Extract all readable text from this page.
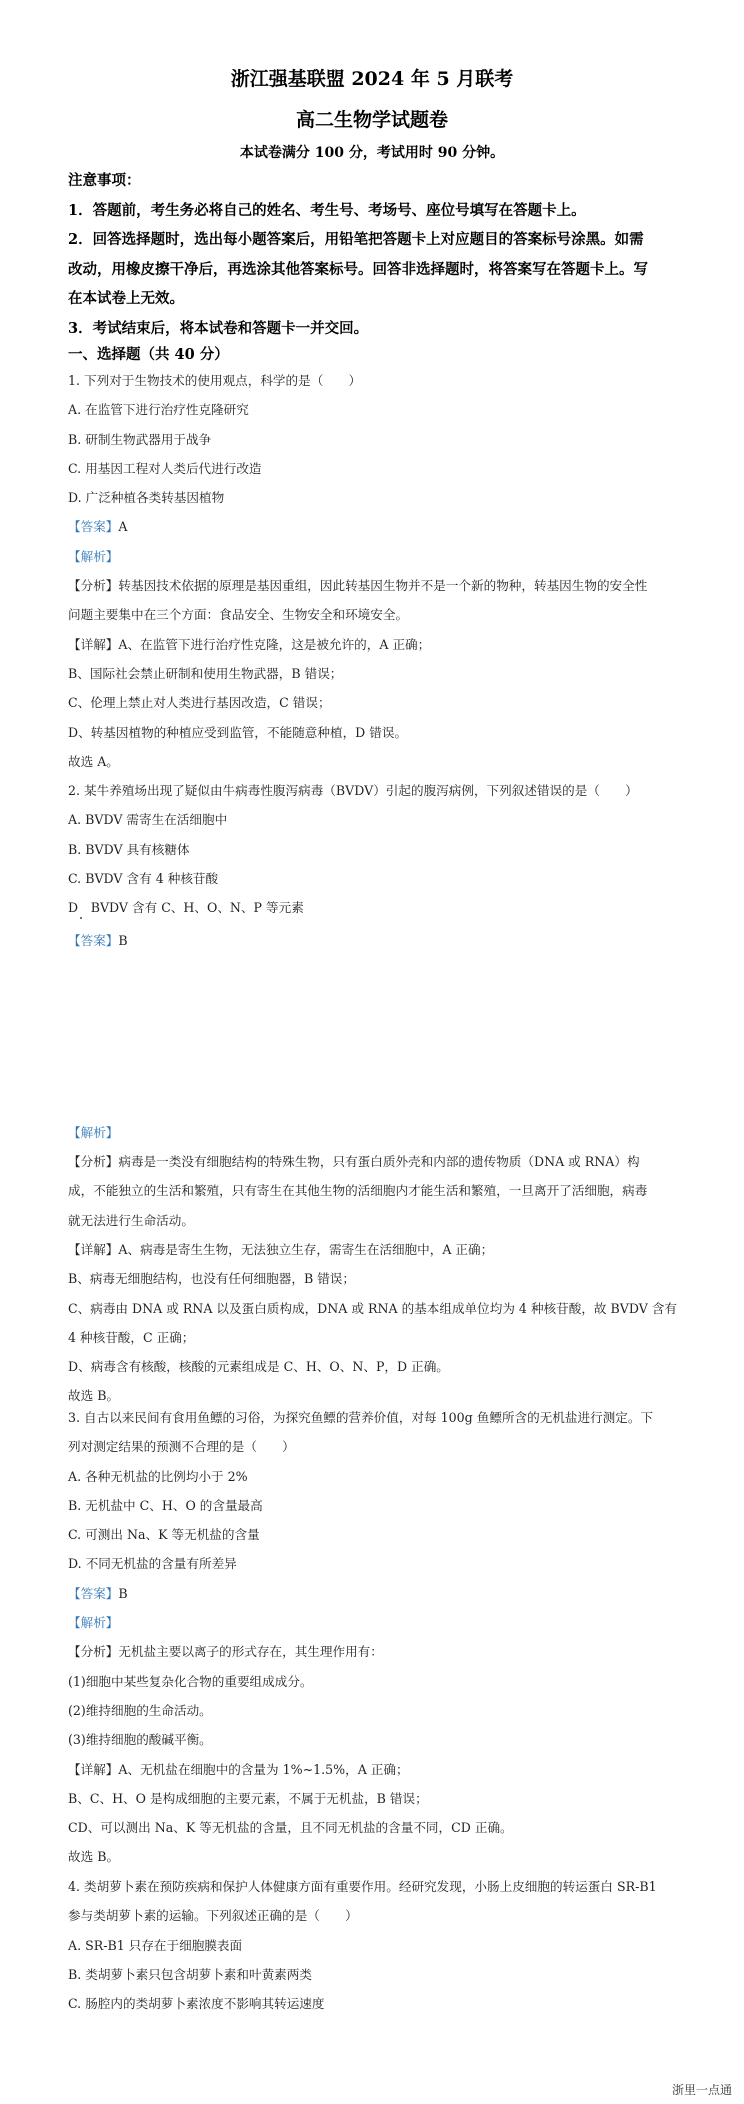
浙江强基联盟 2024 年 5 月联考
高二生物学试题卷
本试卷满分 100 分，考试用时 90 分钟。
注意事项：
1．答题前，考生务必将自己的姓名、考生号、考场号、座位号填写在答题卡上。
2．回答选择题时，选出每小题答案后，用铅笔把答题卡上对应题目的答案标号涂黑。如需
改动，用橡皮擦干净后，再选涂其他答案标号。回答非选择题时，将答案写在答题卡上。写
在本试卷上无效。
3．考试结束后，将本试卷和答题卡一并交回。
一、选择题（共 40 分）
1. 下列对于生物技术的使用观点，科学的是（　　）
A. 在监管下进行治疗性克隆研究
B. 研制生物武器用于战争
C. 用基因工程对人类后代进行改造
D. 广泛种植各类转基因植物
【答案】A
【解析】
【分析】转基因技术依据的原理是基因重组，因此转基因生物并不是一个新的物种，转基因生物的安全性
问题主要集中在三个方面：食品安全、生物安全和环境安全。
【详解】A、在监管下进行治疗性克隆，这是被允许的，A 正确；
B、国际社会禁止研制和使用生物武器，B 错误；
C、伦理上禁止对人类进行基因改造，C 错误；
D、转基因植物的种植应受到监管，不能随意种植，D 错误。
故选 A。
2. 某牛养殖场出现了疑似由牛病毒性腹泻病毒（BVDV）引起的腹泻病例，下列叙述错误的是（　　）
A. BVDV 需寄生在活细胞中
B. BVDV 具有核糖体
C. BVDV 含有 4 种核苷酸
D　BVDV 含有 C、H、O、N、P 等元素
【答案】B
【解析】
【分析】病毒是一类没有细胞结构的特殊生物，只有蛋白质外壳和内部的遗传物质（DNA 或 RNA）构
成，不能独立的生活和繁殖，只有寄生在其他生物的活细胞内才能生活和繁殖，一旦离开了活细胞，病毒
就无法进行生命活动。
【详解】A、病毒是寄生生物，无法独立生存，需寄生在活细胞中，A 正确；
B、病毒无细胞结构，也没有任何细胞器，B 错误；
C、病毒由 DNA 或 RNA 以及蛋白质构成，DNA 或 RNA 的基本组成单位均为 4 种核苷酸，故 BVDV 含有
4 种核苷酸，C 正确；
D、病毒含有核酸，核酸的元素组成是 C、H、O、N、P，D 正确。
故选 B。
3. 自古以来民间有食用鱼鳔的习俗，为探究鱼鳔的营养价值，对每 100g 鱼鳔所含的无机盐进行测定。下
列对测定结果的预测不合理的是（　　）
A. 各种无机盐的比例均小于 2%
B. 无机盐中 C、H、O 的含量最高
C. 可测出 Na、K 等无机盐的含量
D. 不同无机盐的含量有所差异
【答案】B
【解析】
【分析】无机盐主要以离子的形式存在，其生理作用有：
(1)细胞中某些复杂化合物的重要组成成分。
(2)维持细胞的生命活动。
(3)维持细胞的酸碱平衡。
【详解】A、无机盐在细胞中的含量为 1%~1.5%，A 正确；
B、C、H、O 是构成细胞的主要元素，不属于无机盐，B 错误；
CD、可以测出 Na、K 等无机盐的含量，且不同无机盐的含量不同，CD 正确。
故选 B。
4. 类胡萝卜素在预防疾病和保护人体健康方面有重要作用。经研究发现，小肠上皮细胞的转运蛋白 SR-B1
参与类胡萝卜素的运输。下列叙述正确的是（　　）
A. SR-B1 只存在于细胞膜表面
B. 类胡萝卜素只包含胡萝卜素和叶黄素两类
C. 肠腔内的类胡萝卜素浓度不影响其转运速度
浙里一点通
